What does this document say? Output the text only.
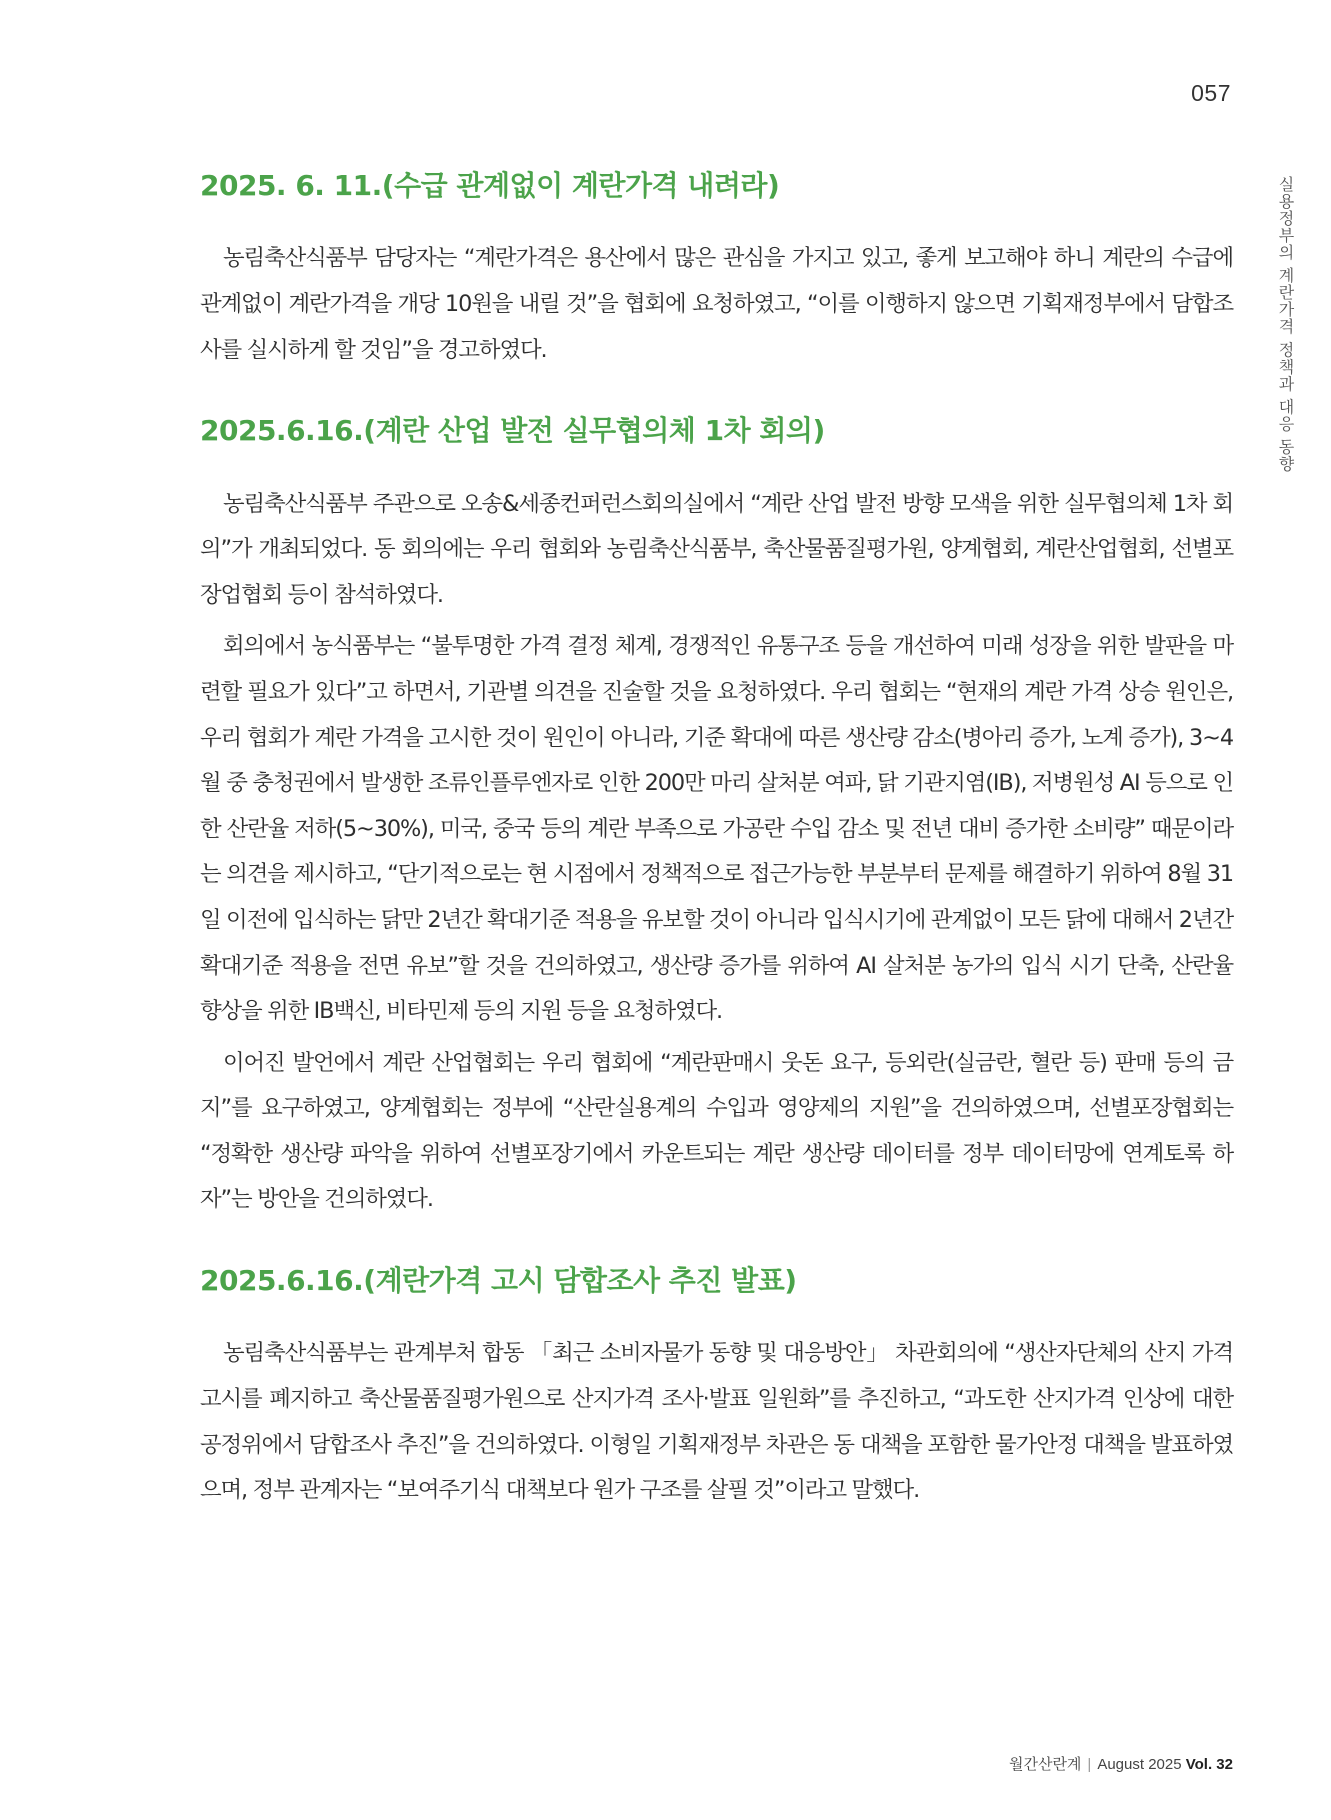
057
실용정부의 계란가격 정책과 대응 동향
2025. 6. 11.(수급 관계없이 계란가격 내려라)

농림축산식품부 담당자는 “계란가격은 용산에서 많은 관심을 가지고 있고, 좋게 보고해야 하니 계란의 수급에 관계없이 계란가격을 개당 10원을 내릴 것”을 협회에 요청하였고, “이를 이행하지 않으면 기획재정부에서 담합조사를 실시하게 할 것임”을 경고하였다.

2025.6.16.(계란 산업 발전 실무협의체 1차 회의)

농림축산식품부 주관으로 오송&세종컨퍼런스회의실에서 “계란 산업 발전 방향 모색을 위한 실무협의체 1차 회의”가 개최되었다. 동 회의에는 우리 협회와 농림축산식품부, 축산물품질평가원, 양계협회, 계란산업협회, 선별포장업협회 등이 참석하였다.

회의에서 농식품부는 “불투명한 가격 결정 체계, 경쟁적인 유통구조 등을 개선하여 미래 성장을 위한 발판을 마련할 필요가 있다”고 하면서, 기관별 의견을 진술할 것을 요청하였다. 우리 협회는 “현재의 계란 가격 상승 원인은, 우리 협회가 계란 가격을 고시한 것이 원인이 아니라, 기준 확대에 따른 생산량 감소(병아리 증가, 노계 증가), 3~4월 중 충청권에서 발생한 조류인플루엔자로 인한 200만 마리 살처분 여파, 닭 기관지염(IB), 저병원성 AI 등으로 인한 산란율 저하(5~30%), 미국, 중국 등의 계란 부족으로 가공란 수입 감소 및 전년 대비 증가한 소비량” 때문이라는 의견을 제시하고, “단기적으로는 현 시점에서 정책적으로 접근가능한 부분부터 문제를 해결하기 위하여 8월 31일 이전에 입식하는 닭만 2년간 확대기준 적용을 유보할 것이 아니라 입식시기에 관계없이 모든 닭에 대해서 2년간 확대기준 적용을 전면 유보”할 것을 건의하였고, 생산량 증가를 위하여 AI 살처분 농가의 입식 시기 단축, 산란율 향상을 위한 IB백신, 비타민제 등의 지원 등을 요청하였다.

이어진 발언에서 계란 산업협회는 우리 협회에 “계란판매시 웃돈 요구, 등외란(실금란, 혈란 등) 판매 등의 금지”를 요구하였고, 양계협회는 정부에 “산란실용계의 수입과 영양제의 지원”을 건의하였으며, 선별포장협회는 “정확한 생산량 파악을 위하여 선별포장기에서 카운트되는 계란 생산량 데이터를 정부 데이터망에 연계토록 하자”는 방안을 건의하였다.

2025.6.16.(계란가격 고시 담합조사 추진 발표)

농림축산식품부는 관계부처 합동 「최근 소비자물가 동향 및 대응방안」 차관회의에 “생산자단체의 산지 가격 고시를 폐지하고 축산물품질평가원으로 산지가격 조사·발표 일원화”를 추진하고, “과도한 산지가격 인상에 대한 공정위에서 담합조사 추진”을 건의하였다. 이형일 기획재정부 차관은 동 대책을 포함한 물가안정 대책을 발표하였으며, 정부 관계자는 “보여주기식 대책보다 원가 구조를 살필 것”이라고 말했다.

월간산란계 | August 2025 Vol. 32
